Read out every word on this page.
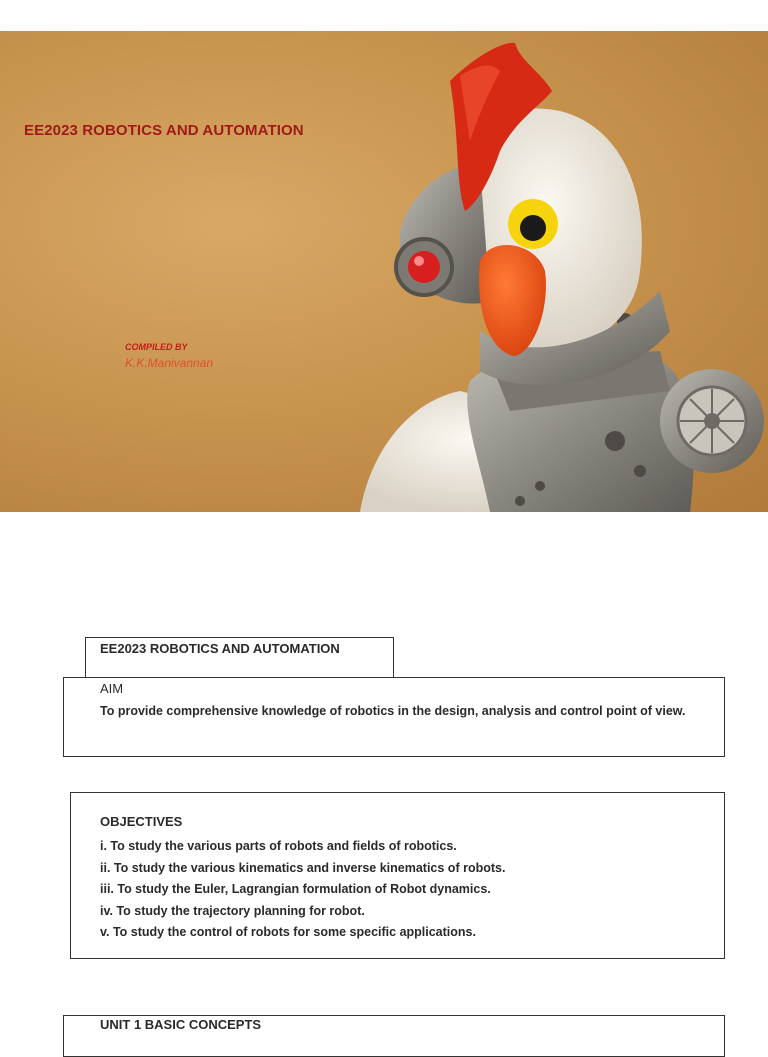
EE2023 ROBOTICS AND AUTOMATION
COMPILED BY
K.K.Manivannan
EE2023 ROBOTICS AND AUTOMATION
AIM
To provide comprehensive knowledge of robotics in the design, analysis and control point of view.
OBJECTIVES
i. To study the various parts of robots and fields of robotics.
ii. To study the various kinematics and inverse kinematics of robots.
iii. To study the Euler, Lagrangian formulation of Robot dynamics.
iv. To study the trajectory planning for robot.
v. To study the control of robots for some specific applications.
UNIT 1 BASIC CONCEPTS
